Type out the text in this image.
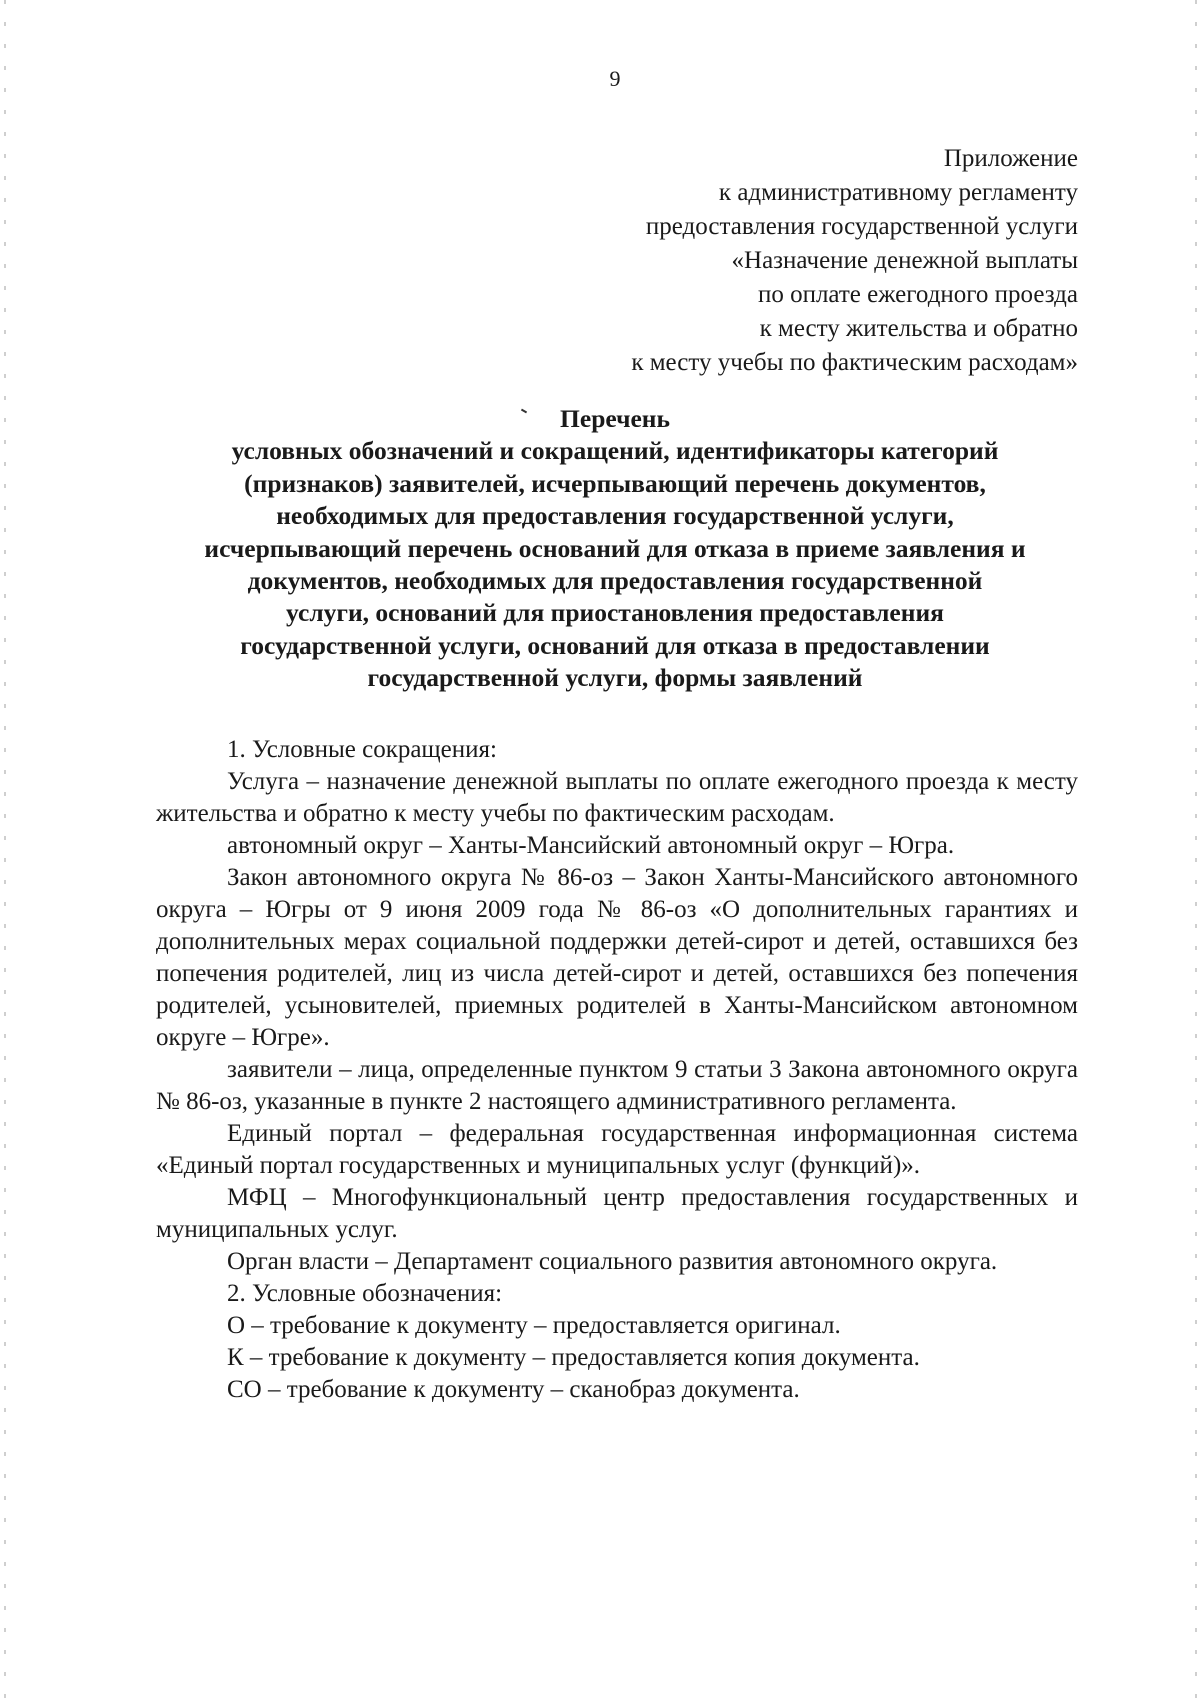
9
Приложение
к административному регламенту
предоставления государственной услуги
«Назначение денежной выплаты
по оплате ежегодного проезда
к месту жительства и обратно
к месту учебы по фактическим расходам»
Перечень
условных обозначений и сокращений, идентификаторы категорий
(признаков) заявителей, исчерпывающий перечень документов,
необходимых для предоставления государственной услуги,
исчерпывающий перечень оснований для отказа в приеме заявления и
документов, необходимых для предоставления государственной
услуги, оснований для приостановления предоставления
государственной услуги, оснований для отказа в предоставлении
государственной услуги, формы заявлений

1. Условные сокращения:

Услуга – назначение денежной выплаты по оплате ежегодного проезда к месту жительства и обратно к месту учебы по фактическим расходам.

автономный округ – Ханты-Мансийский автономный округ – Югра.

Закон автономного округа № 86-оз – Закон Ханты-Мансийского автономного округа – Югры от 9 июня 2009 года № 86-оз «О дополнительных гарантиях и дополнительных мерах социальной поддержки детей-сирот и детей, оставшихся без попечения родителей, лиц из числа детей-сирот и детей, оставшихся без попечения родителей, усыновителей, приемных родителей в Ханты-Мансийском автономном округе – Югре».

заявители – лица, определенные пунктом 9 статьи 3 Закона автономного округа № 86-оз, указанные в пункте 2 настоящего административного регламента.

Единый портал – федеральная государственная информационная система «Единый портал государственных и муниципальных услуг (функций)».

МФЦ – Многофункциональный центр предоставления государственных и муниципальных услуг.

Орган власти – Департамент социального развития автономного округа.

2. Условные обозначения:

О – требование к документу – предоставляется оригинал.

К – требование к документу – предоставляется копия документа.

СО – требование к документу – сканобраз документа.
